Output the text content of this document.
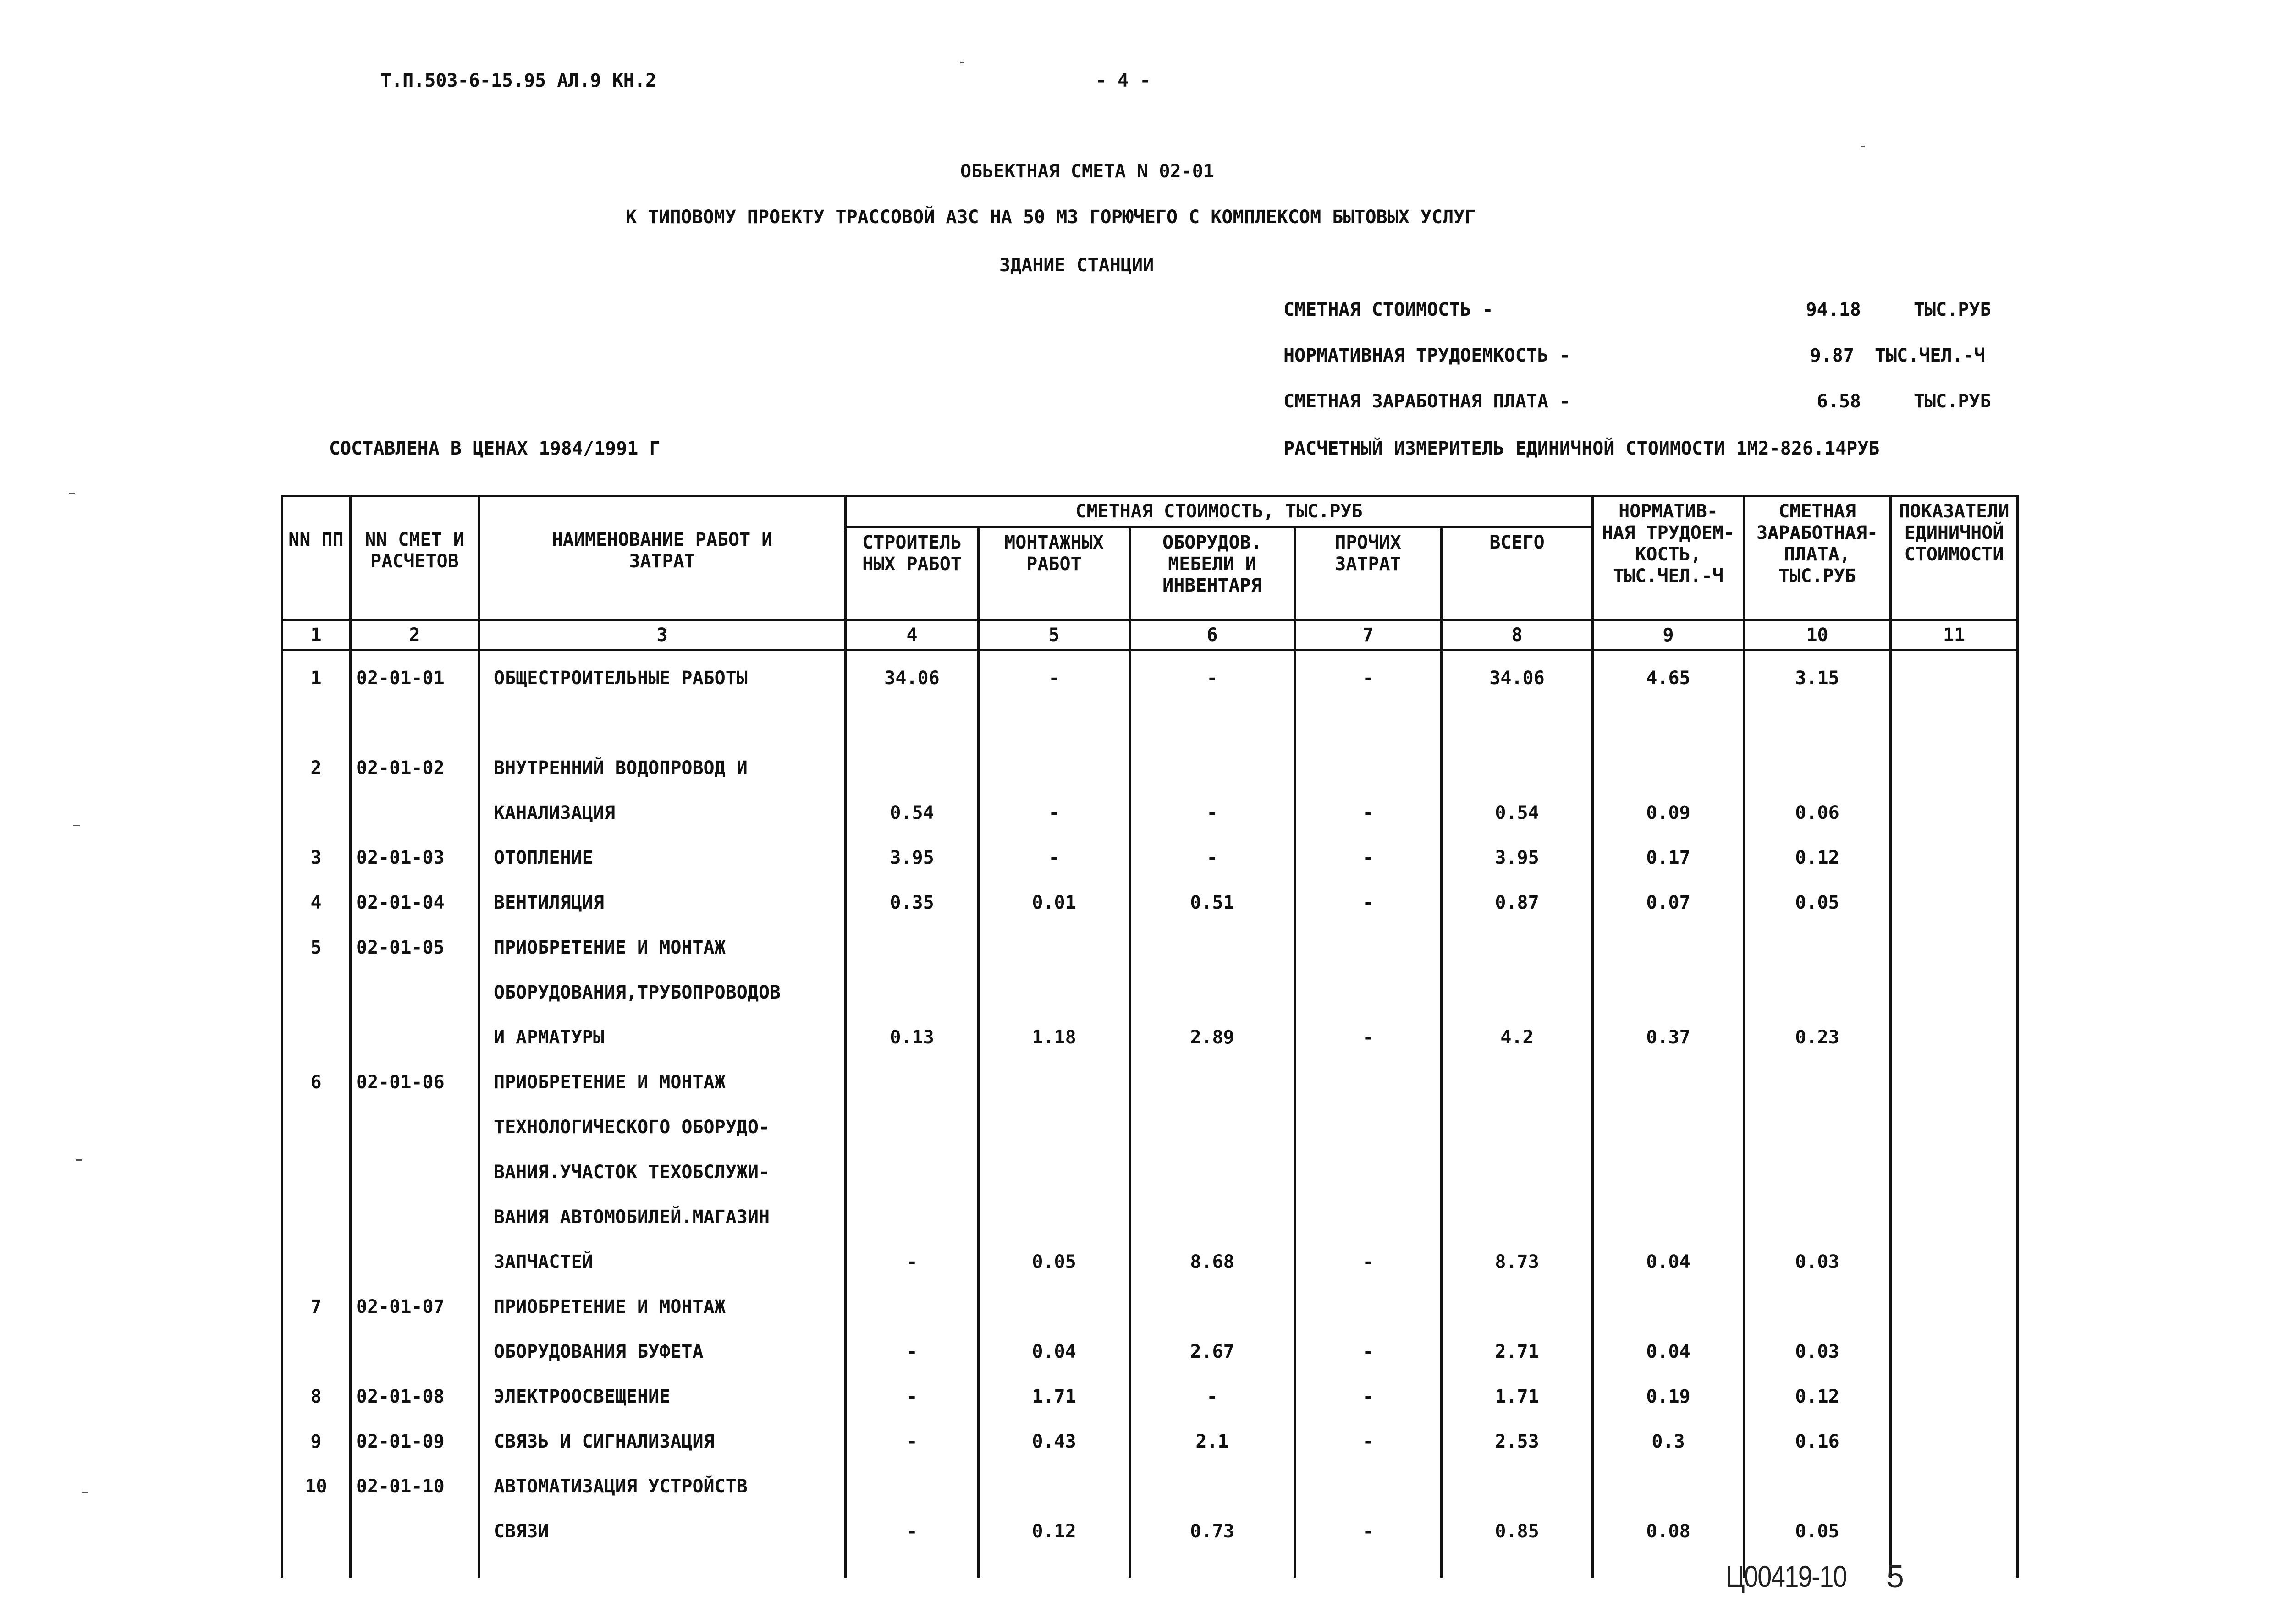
Т.П.503-6-15.95 АЛ.9 КН.2	- 4 -
ОБЬЕКТНАЯ СМЕТА N 02-01
К ТИПОВОМУ ПРОЕКТУ ТРАССОВОЙ АЗС НА 50 МЗ ГОРЮЧЕГО С КОМПЛЕКСОМ БЫТОВЫХ УСЛУГ
ЗДАНИЕ СТАНЦИИ
СМЕТНАЯ СТОИМОСТЬ -	94.18	ТЫС.РУБ
НОРМАТИВНАЯ ТРУДОЕМКОСТЬ -	9.87 ТЫС.ЧЕЛ.-Ч
СМЕТНАЯ ЗАРАБОТНАЯ ПЛАТА -	6.58	ТЫС.РУБ
СОСТАВЛЕНА В ЦЕНАХ 1984/1991 Г	РАСЧЕТНЫЙ ИЗМЕРИТЕЛЬ ЕДИНИЧНОЙ СТОИМОСТИ 1М2-826.14РУБ
NN ПП	NN СМЕТ И РАСЧЕТОВ	НАИМЕНОВАНИЕ РАБОТ И ЗАТРАТ	СМЕТНАЯ СТОИМОСТЬ, ТЫС.РУБ					НОРМАТИВ- НАЯ ТРУДОЕМ- КОСТЬ, ТЫС.ЧЕЛ.-Ч	СМЕТНАЯ ЗАРАБОТНАЯ- ПЛАТА, ТЫС.РУБ	ПОКАЗАТЕЛИ ЕДИНИЧНОЙ СТОИМОСТИ
			СТРОИТЕЛЬ НЫХ РАБОТ	МОНТАЖНЫХ РАБОТ	ОБОРУДОВ. МЕБЕЛИ И ИНВЕНТАРЯ	ПРОЧИХ ЗАТРАТ	ВСЕГО			
1	2	3	4	5	6	7	8	9	10	11
1	02-01-01	ОБЩЕСТРОИТЕЛЬНЫЕ РАБОТЫ	34.06	-	-	-	34.06	4.65	3.15	

2	02-01-02	ВНУТРЕННИЙ ВОДОПРОВОД И								
		КАНАЛИЗАЦИЯ	0.54	-	-	-	0.54	0.09	0.06	
3	02-01-03	ОТОПЛЕНИЕ	3.95	-	-	-	3.95	0.17	0.12	
4	02-01-04	ВЕНТИЛЯЦИЯ	0.35	0.01	0.51	-	0.87	0.07	0.05	
5	02-01-05	ПРИОБРЕТЕНИЕ И МОНТАЖ								
		ОБОРУДОВАНИЯ,ТРУБОПРОВОДОВ								
		И АРМАТУРЫ	0.13	1.18	2.89	-	4.2	0.37	0.23	
6	02-01-06	ПРИОБРЕТЕНИЕ И МОНТАЖ								
		ТЕХНОЛОГИЧЕСКОГО ОБОРУДО-								
		ВАНИЯ.УЧАСТОК ТЕХОБСЛУЖИ-								
		ВАНИЯ АВТОМОБИЛЕЙ.МАГАЗИН								
		ЗАПЧАСТЕЙ	-	0.05	8.68	-	8.73	0.04	0.03	
7	02-01-07	ПРИОБРЕТЕНИЕ И МОНТАЖ								
		ОБОРУДОВАНИЯ БУФЕТА	-	0.04	2.67	-	2.71	0.04	0.03	
8	02-01-08	ЭЛЕКТРООСВЕЩЕНИЕ	-	1.71	-	-	1.71	0.19	0.12	
9	02-01-09	СВЯЗЬ И СИГНАЛИЗАЦИЯ	-	0.43	2.1	-	2.53	0.3	0.16	
10	02-01-10	АВТОМАТИЗАЦИЯ УСТРОЙСТВ								
		СВЯЗИ	-	0.12	0.73	-	0.85	0.08	0.05	
Ц00419-10 5
